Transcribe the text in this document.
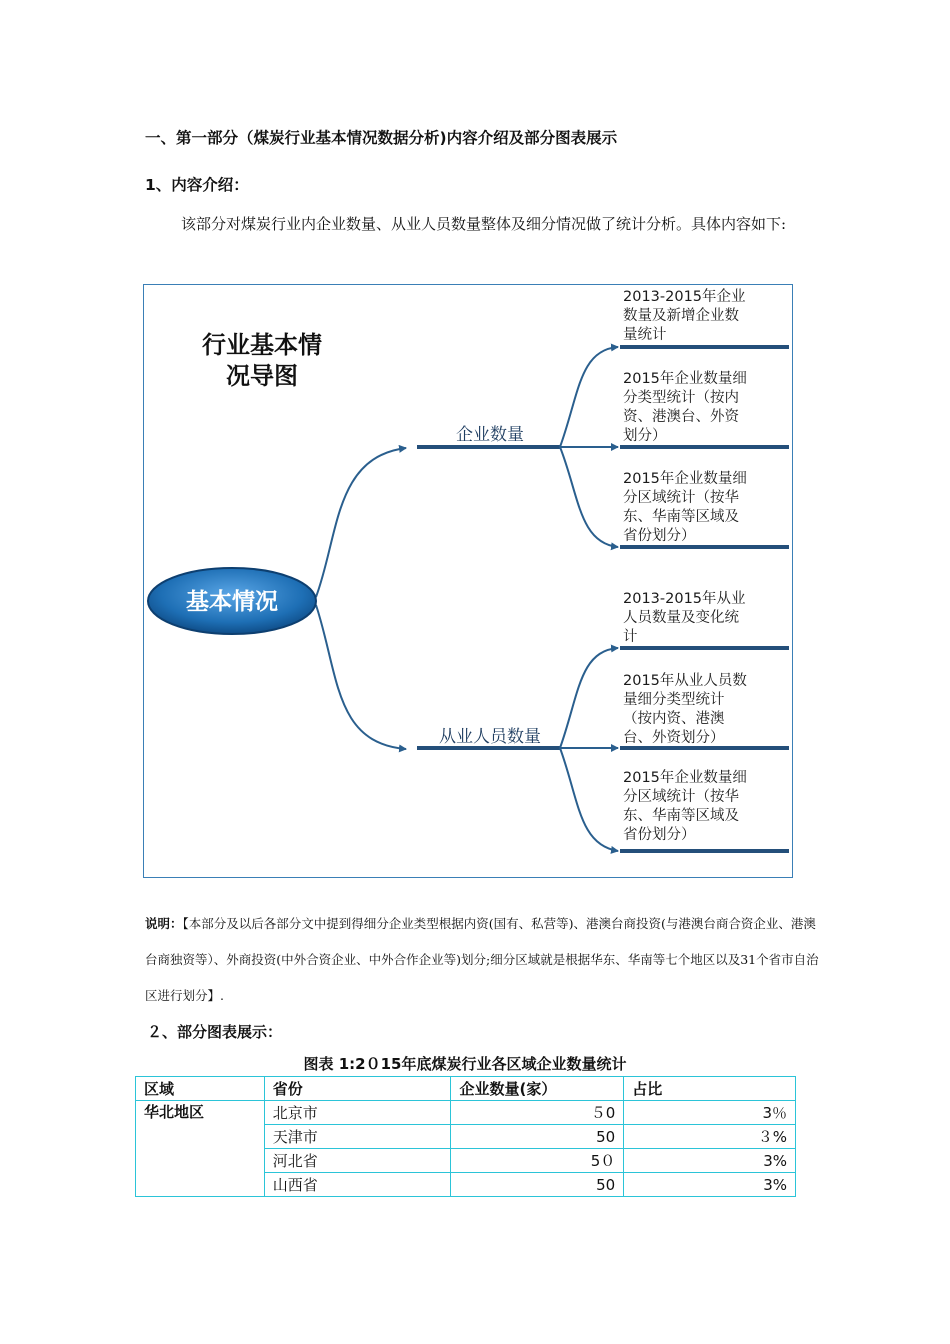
一、第一部分（煤炭行业基本情况数据分析)内容介绍及部分图表展示
1、内容介绍：
该部分对煤炭行业内企业数量、从业人员数量整体及细分情况做了统计分析。具体内容如下:
行业基本情
况导图
基本情况
企业数量
2013-2015年企业
数量及新增企业数
量统计
2015年企业数量细
分类型统计（按内
资、港澳台、外资
划分）
2015年企业数量细
分区域统计（按华
东、华南等区域及
省份划分）
从业人员数量
2013-2015年从业
人员数量及变化统
计
2015年从业人员数
量细分类型统计
（按内资、港澳
台、外资划分）
2015年企业数量细
分区域统计（按华
东、华南等区域及
省份划分）
说明：【本部分及以后各部分文中提到得细分企业类型根据内资(国有、私营等)、港澳台商投资(与港澳台商合资企业、港澳台商独资等）、外商投资(中外合资企业、中外合作企业等)划分;细分区域就是根据华东、华南等七个地区以及31个省市自治区进行划分】.
２、部分图表展示：
图表 1:2０15年底煤炭行业各区域企业数量统计
区域	省份	企业数量(家）	占比
华北地区	北京市	５0	3％
	天津市	50	３%
	河北省	5０	3%
	山西省	50	3%
